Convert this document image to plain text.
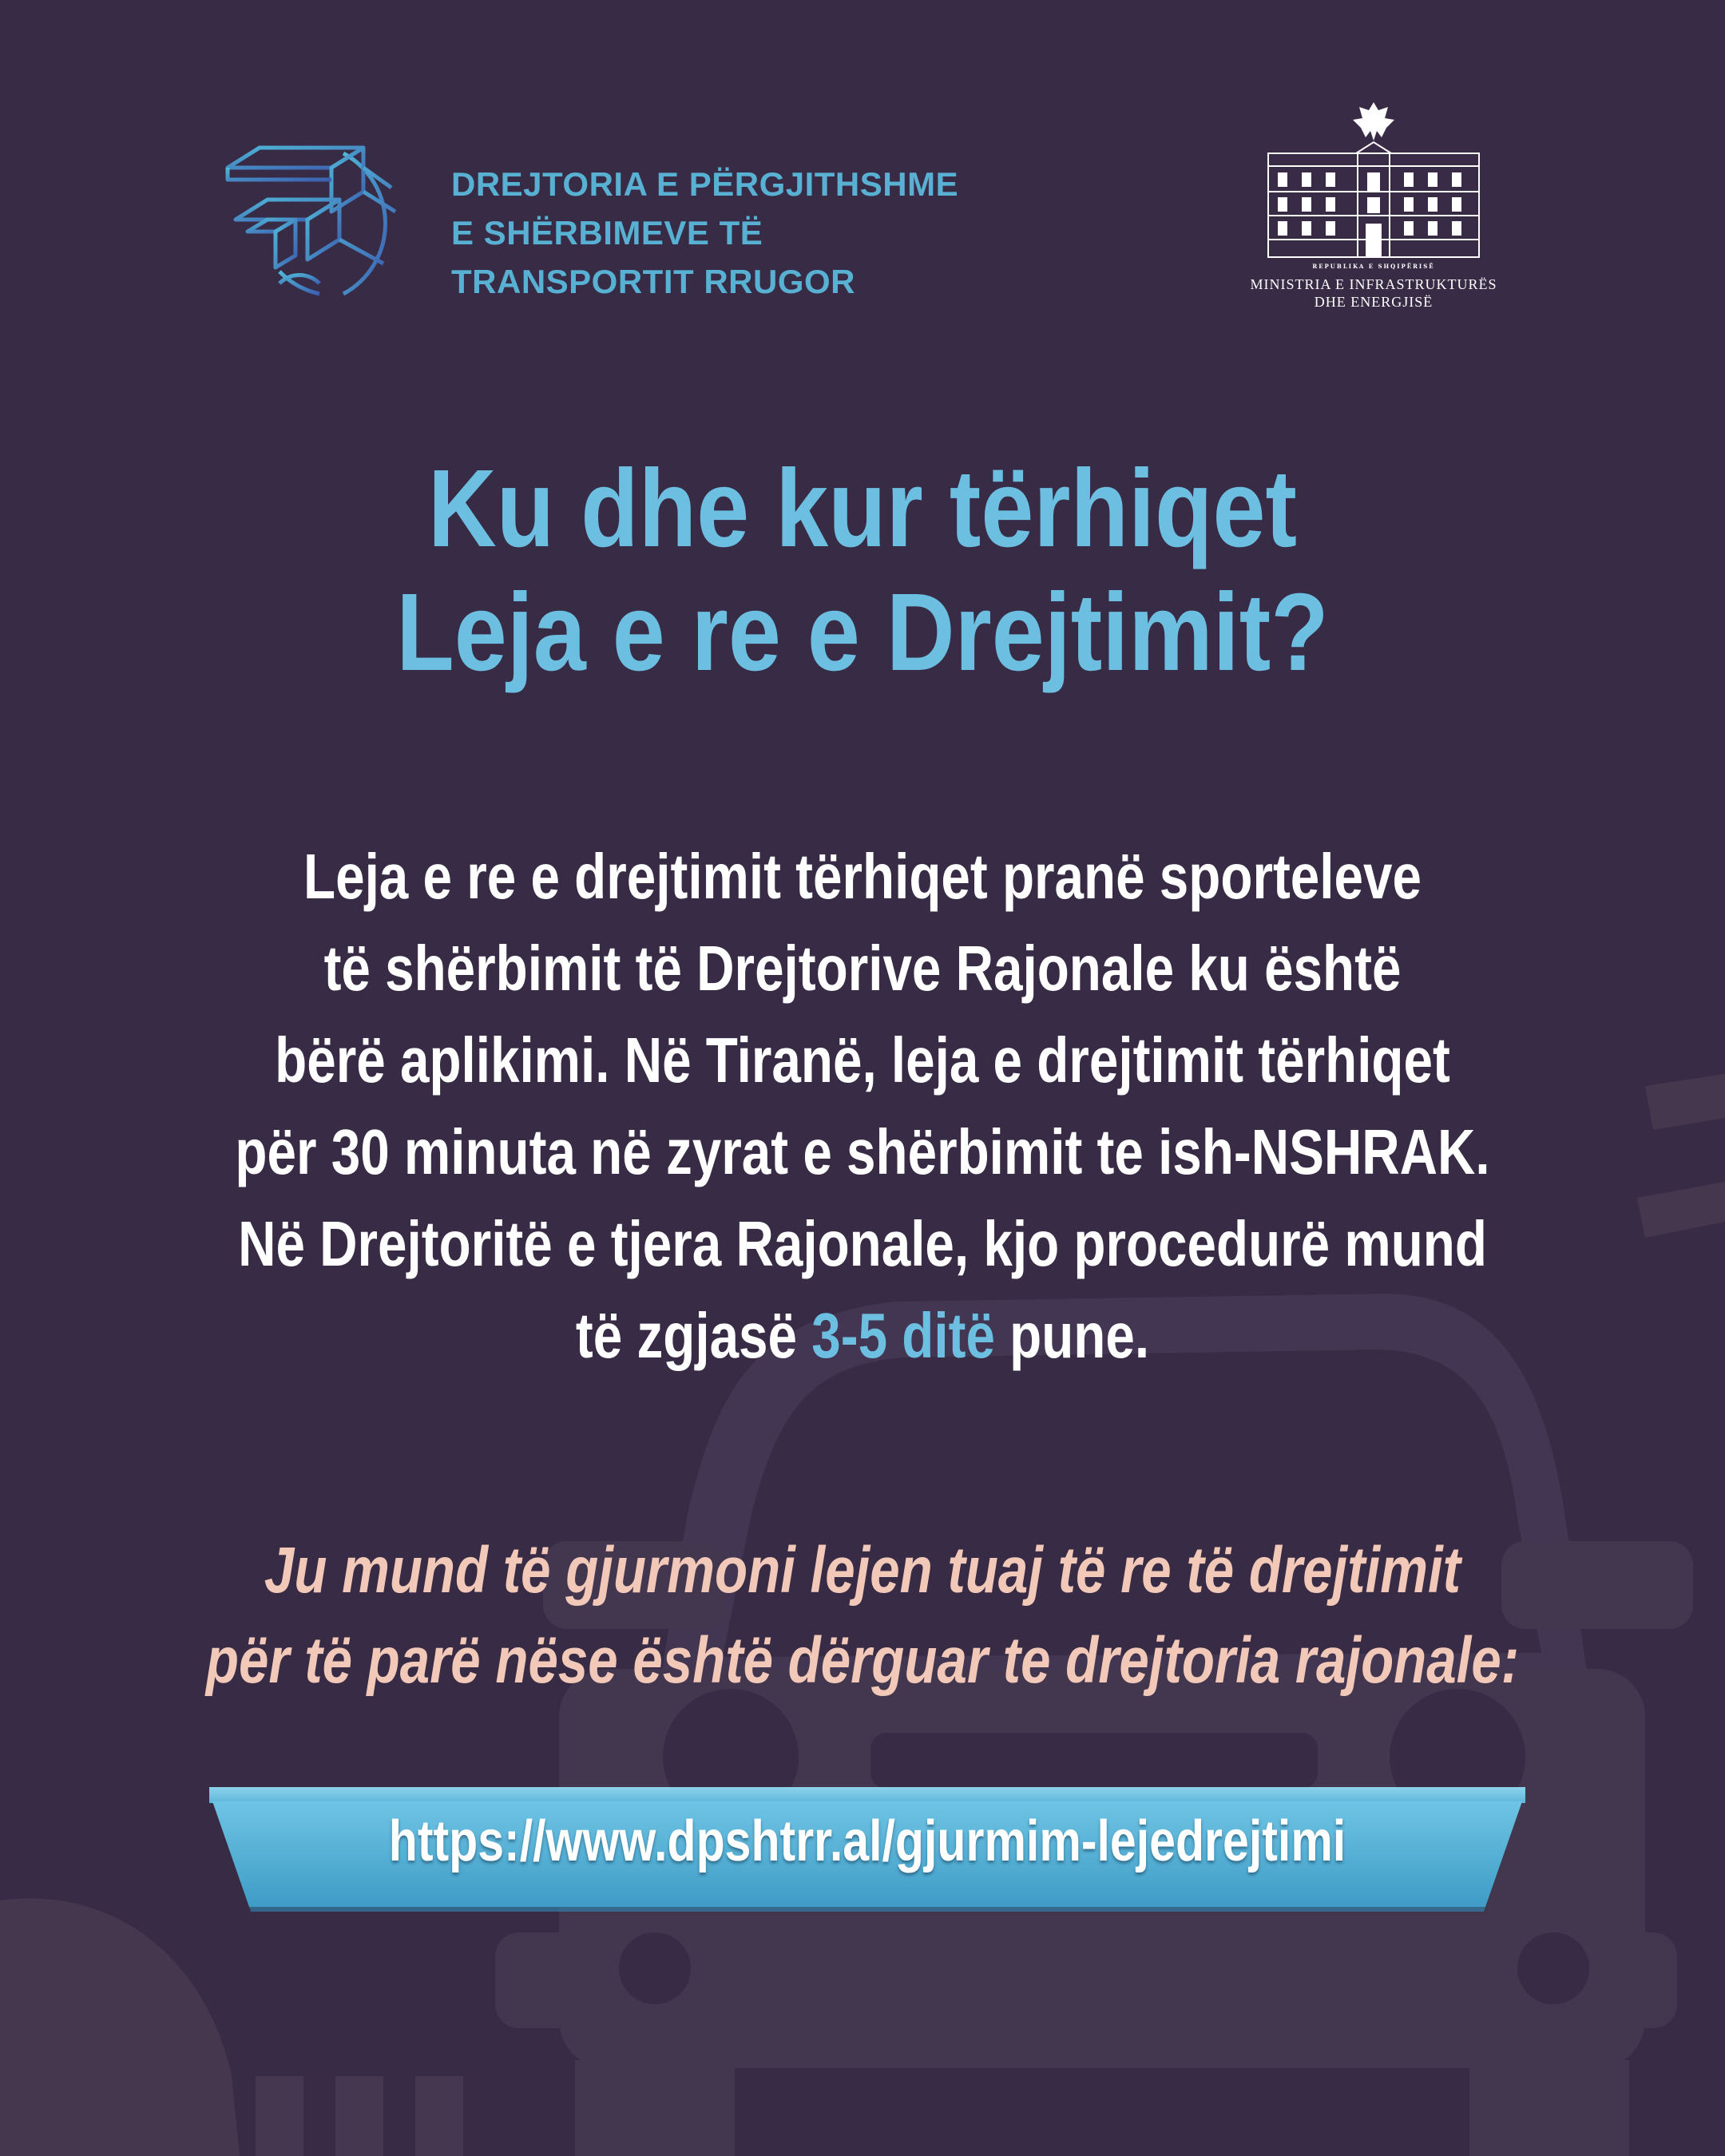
DREJTORIA E PËRGJITHSHME
E SHËRBIMEVE TË
TRANSPORTIT RRUGOR	REPUBLIKA E SHQIPËRISË
MINISTRIA E INFRASTRUKTURËS
DHE ENERGJISË
Ku dhe kur tërhiqet
Leja e re e Drejtimit?
Leja e re e drejtimit tërhiqet pranë sporteleve
të shërbimit të Drejtorive Rajonale ku është
bërë aplikimi. Në Tiranë, leja e drejtimit tërhiqet
për 30 minuta në zyrat e shërbimit te ish-NSHRAK.
Në Drejtoritë e tjera Rajonale, kjo procedurë mund
të zgjasë 3-5 ditë pune.
Ju mund të gjurmoni lejen tuaj të re të drejtimit
për të parë nëse është dërguar te drejtoria rajonale:
https://www.dpshtrr.al/gjurmim-lejedrejtimi
